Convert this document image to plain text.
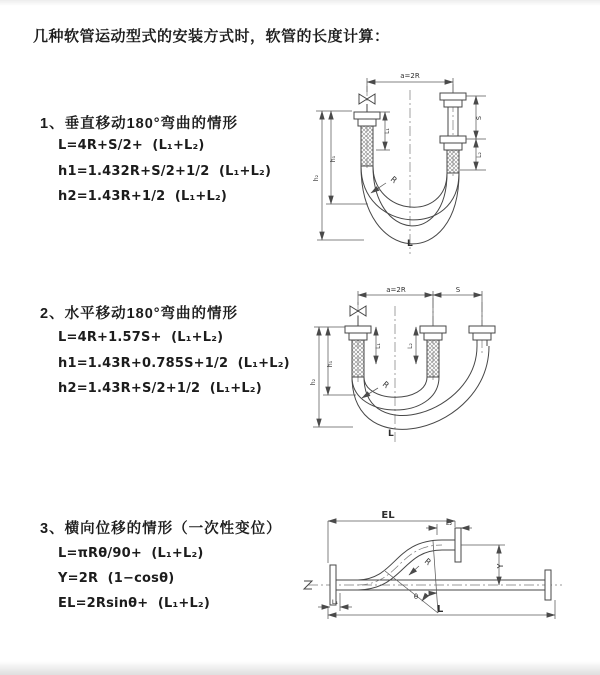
几种软管运动型式的安装方式时，软管的长度计算：
1、垂直移动180°弯曲的情形
L=4R+S/2+  (L₁+L₂)
h1=1.432R+S/2+1/2  (L₁+L₂)
h2=1.43R+1/2  (L₁+L₂)
2、水平移动180°弯曲的情形
L=4R+1.57S+  (L₁+L₂)
h1=1.43R+0.785S+1/2  (L₁+L₂)
h2=1.43R+S/2+1/2  (L₁+L₂)
3、横向位移的情形（一次性变位）
L=πRθ/90+  (L₁+L₂)
Y=2R  (1−cosθ)
EL=2Rsinθ+  (L₁+L₂)
a=2R
S
L₂
L₁
h₁
h₂	R
L
a=2R	S
L₁	L₂
h₁
h₂	R
L
EL
L₂
Y
R
θ
L
L₁
